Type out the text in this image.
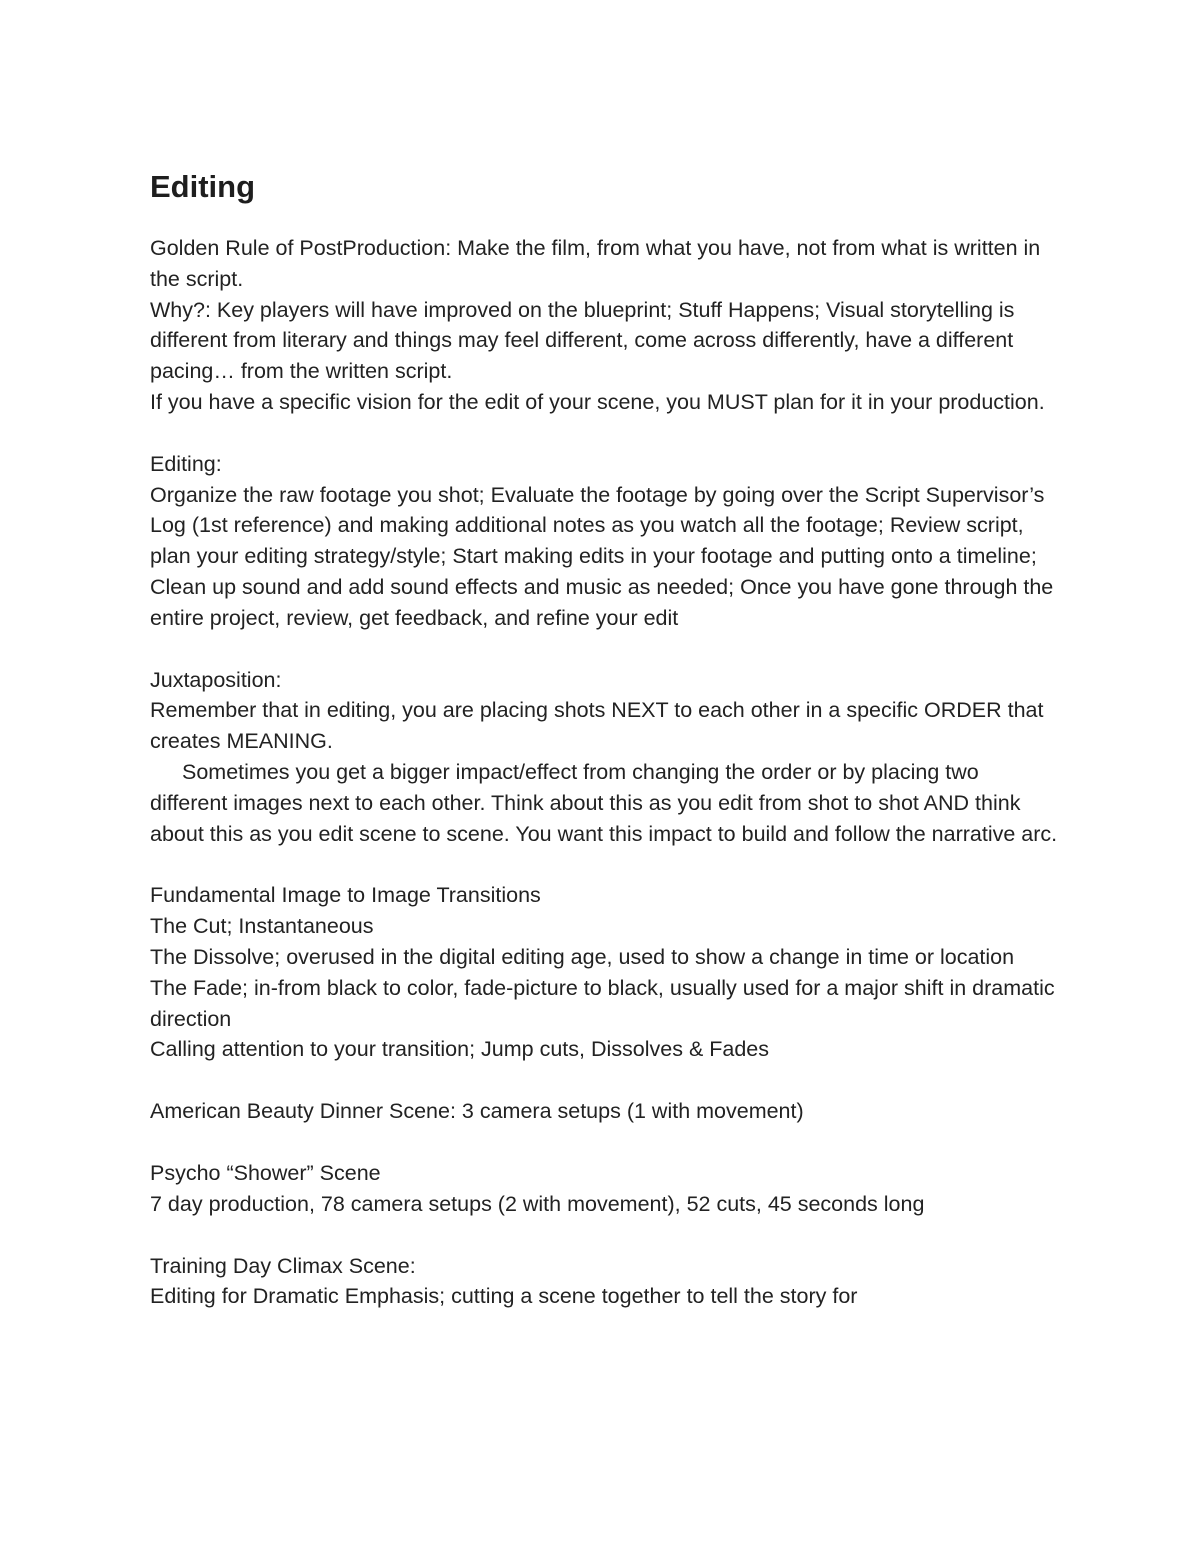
Editing

Golden Rule of PostProduction: Make the film, from what you have, not from what is written in the script.

Why?: Key players will have improved on the blueprint; Stuff Happens; Visual storytelling is different from literary and things may feel different, come across differently, have a different pacing… from the written script.

If you have a specific vision for the edit of your scene, you MUST plan for it in your production.

Editing:

Organize the raw footage you shot; Evaluate the footage by going over the Script Supervisor’s Log (1st reference) and making additional notes as you watch all the footage; Review script, plan your editing strategy/style; Start making edits in your footage and putting onto a timeline; Clean up sound and add sound effects and music as needed; Once you have gone through the entire project, review, get feedback, and refine your edit

Juxtaposition:

Remember that in editing, you are placing shots NEXT to each other in a specific ORDER that creates MEANING.

Sometimes you get a bigger impact/effect from changing the order or by placing two different images next to each other. Think about this as you edit from shot to shot AND think about this as you edit scene to scene. You want this impact to build and follow the narrative arc.

Fundamental Image to Image Transitions

The Cut; Instantaneous

The Dissolve; overused in the digital editing age, used to show a change in time or location

The Fade; in-from black to color, fade-picture to black, usually used for a major shift in dramatic direction

Calling attention to your transition; Jump cuts, Dissolves & Fades

American Beauty Dinner Scene: 3 camera setups (1 with movement)

Psycho “Shower” Scene

7 day production, 78 camera setups (2 with movement), 52 cuts, 45 seconds long

Training Day Climax Scene:

Editing for Dramatic Emphasis; cutting a scene together to tell the story for
